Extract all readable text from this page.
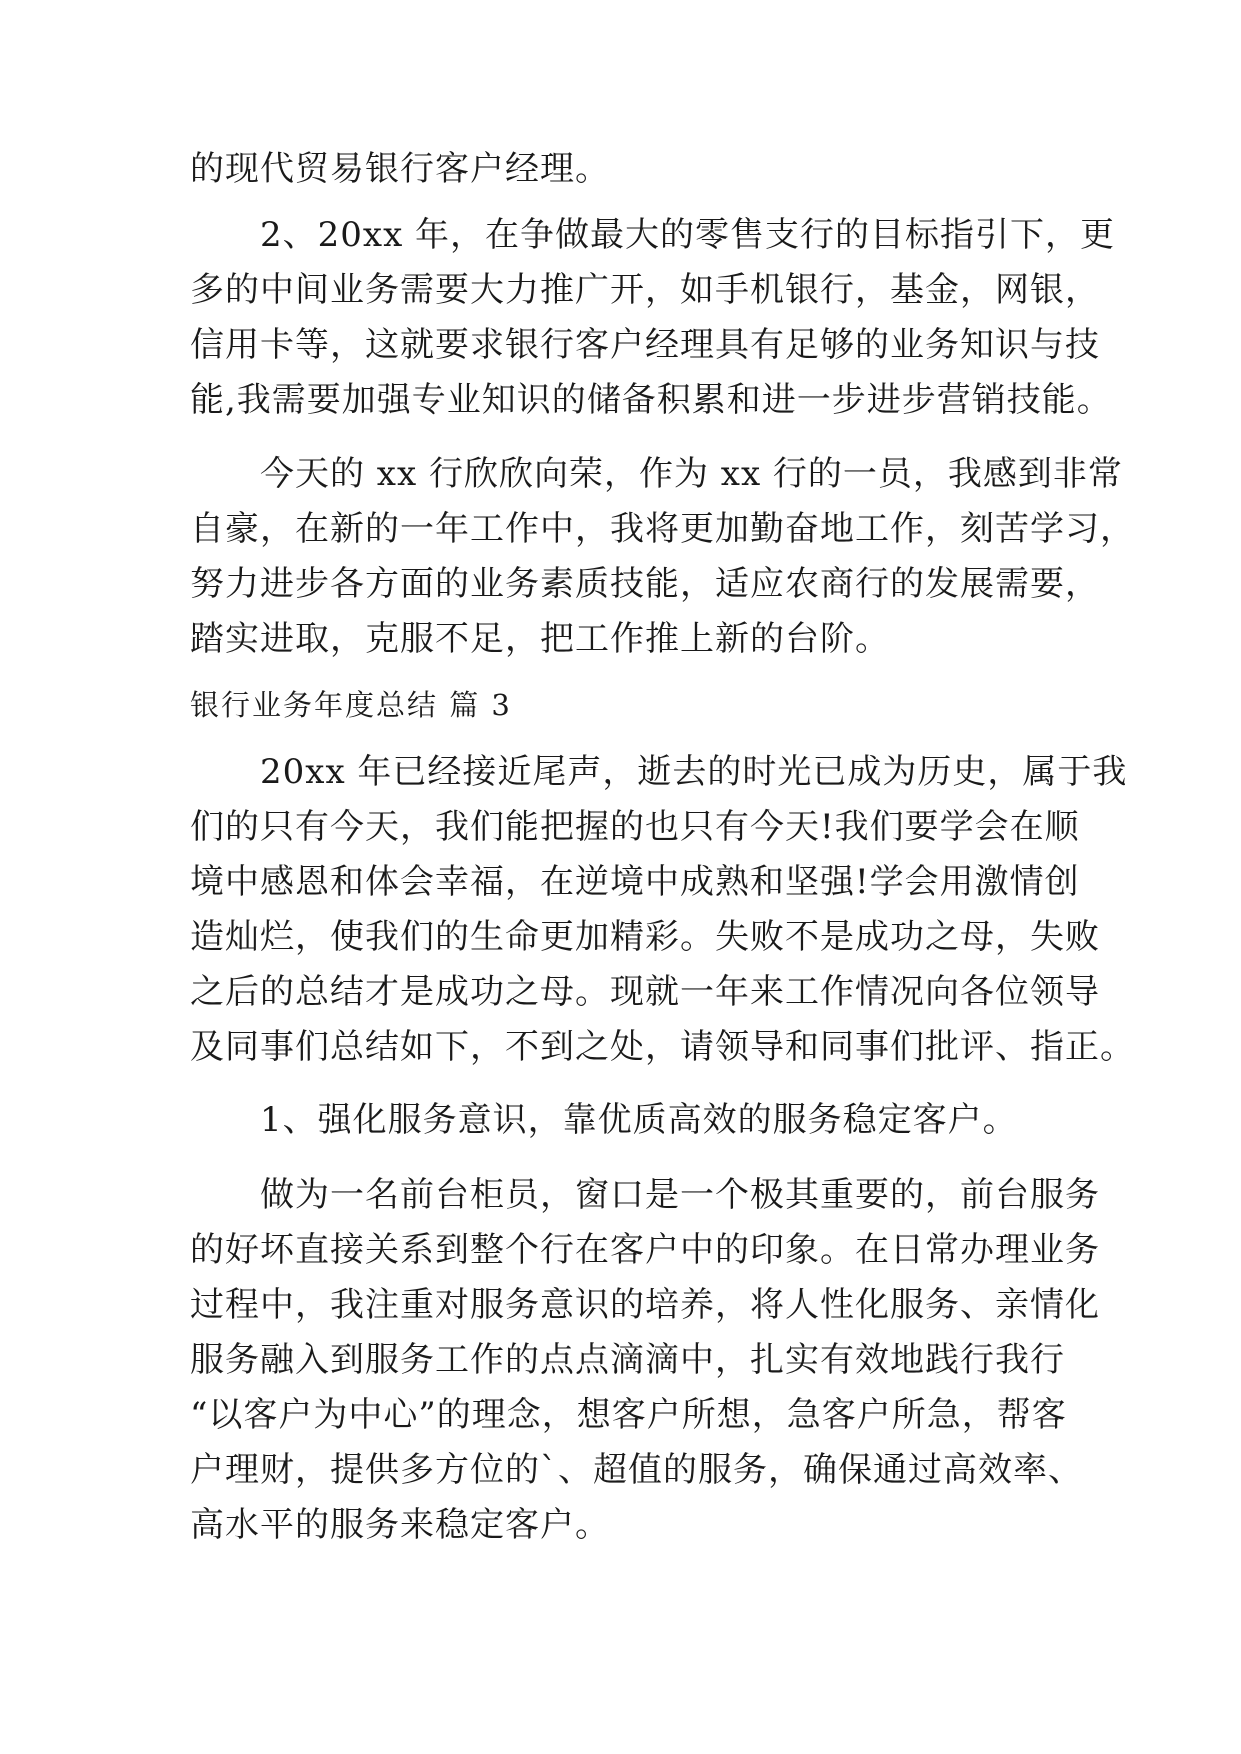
的现代贸易银行客户经理。
　　2、20xx 年，在争做最大的零售支行的目标指引下，更
多的中间业务需要大力推广开，如手机银行，基金，网银，
信用卡等，这就要求银行客户经理具有足够的业务知识与技
能,我需要加强专业知识的储备积累和进一步进步营销技能。
　　今天的 xx 行欣欣向荣，作为 xx 行的一员，我感到非常
自豪，在新的一年工作中，我将更加勤奋地工作，刻苦学习，
努力进步各方面的业务素质技能，适应农商行的发展需要，
踏实进取，克服不足，把工作推上新的台阶。
银行业务年度总结 篇 3
　　20xx 年已经接近尾声，逝去的时光已成为历史，属于我
们的只有今天，我们能把握的也只有今天!我们要学会在顺
境中感恩和体会幸福，在逆境中成熟和坚强!学会用激情创
造灿烂，使我们的生命更加精彩。失败不是成功之母，失败
之后的总结才是成功之母。现就一年来工作情况向各位领导
及同事们总结如下，不到之处，请领导和同事们批评、指正。
　　1、强化服务意识，靠优质高效的服务稳定客户。
　　做为一名前台柜员，窗口是一个极其重要的，前台服务
的好坏直接关系到整个行在客户中的印象。在日常办理业务
过程中，我注重对服务意识的培养，将人性化服务、亲情化
服务融入到服务工作的点点滴滴中，扎实有效地践行我行
“以客户为中心”的理念，想客户所想，急客户所急，帮客
户理财，提供多方位的`、超值的服务，确保通过高效率、
高水平的服务来稳定客户。
